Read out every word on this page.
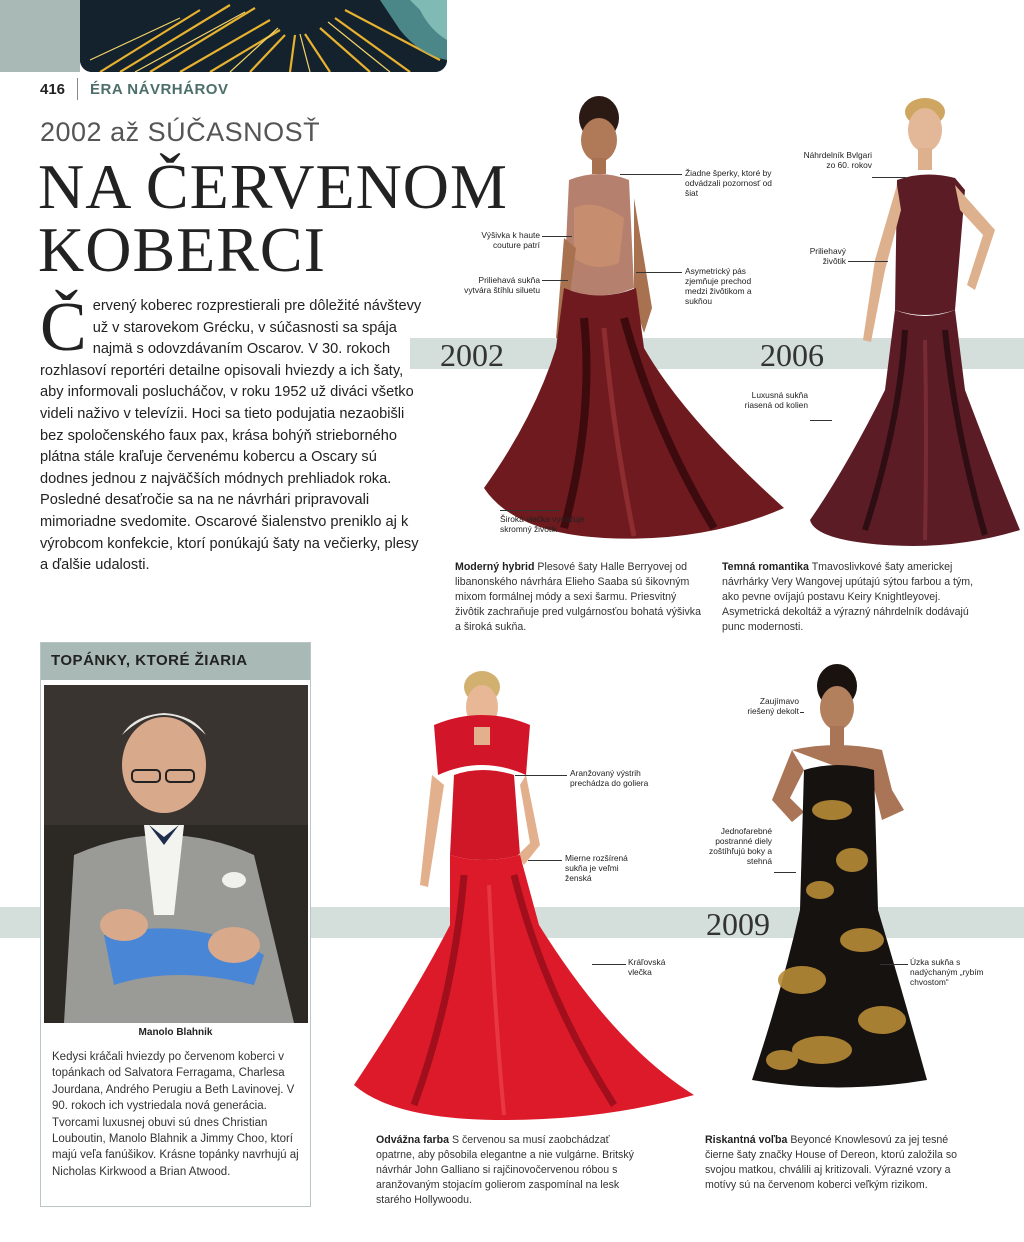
416 ÉRA NÁVRHÁROV
2002 až SÚČASNOSŤ
NA ČERVENOM
KOBERCI
2002	2006
2009
Č ervený koberec rozprestierali pre dôležité návštevy už v starovekom Grécku, v súčasnosti sa spája najmä s odovzdávaním Oscarov. V 30. rokoch rozhlasoví reportéri detailne opisovali hviezdy a ich šaty, aby informovali poslucháčov, v roku 1952 už diváci všetko videli naživo v televízii. Hoci sa tieto podujatia nezaobišli bez spoločenského faux pax, krása bohýň strieborného plátna stále kraľuje červenému kobercu a Oscary sú dodnes jednou z najväčších módnych prehliadok roka. Posledné desaťročie sa na ne návrhári pripravovali mimoriadne svedomite. Oscarové šialenstvo preniklo aj k výrobcom konfekcie, ktorí ponúkajú šaty na večierky, plesy a ďalšie udalosti.
TOPÁNKY, KTORÉ ŽIARIA
Manolo Blahnik
Kedysi kráčali hviezdy po červenom koberci v topánkach od Salvatora Ferragama, Charlesa Jourdana, Andrého Perugiu a Beth Lavinovej. V 90. rokoch ich vystriedala nová generácia. Tvorcami luxusnej obuvi sú dnes Christian Louboutin, Manolo Blahnik a Jimmy Choo, ktorí majú veľa fanúšikov. Krásne topánky navrhujú aj Nicholas Kirkwood a Brian Atwood.
Žiadne šperky, ktoré by odvádzali pozornosť od šiat
Výšivka k haute couture patrí
Asymetrický pás zjemňuje prechod medzi živôtikom a sukňou
Priliehavá sukňa vytvára štíhlu siluetu
Široká vlečka vyvažuje skromný živôtik
Náhrdelník Bvlgari zo 60. rokov
Priliehavý živôtik
Luxusná sukňa riasená od kolien
Aranžovaný výstrih prechádza do goliera
Mierne rozšírená sukňa je veľmi ženská
Kráľovská vlečka
Zaujímavo riešený dekolt
Jednofarebné postranné diely zoštíhľujú boky a stehná
Úzka sukňa s nadýchaným „rybím chvostom“
Moderný hybrid Plesové šaty Halle Berryovej od libanonského návrhára Elieho Saaba sú šikovným mixom formálnej módy a sexi šarmu. Priesvitný živôtik zachraňuje pred vulgárnosťou bohatá výšivka a široká sukňa.
Temná romantika Tmavoslivkové šaty americkej návrhárky Very Wangovej upútajú sýtou farbou a tým, ako pevne ovíjajú postavu Keiry Knightleyovej. Asymetrická dekoltáž a výrazný náhrdelník dodávajú punc modernosti.
Odvážna farba S červenou sa musí zaobchádzať opatrne, aby pôsobila elegantne a nie vulgárne. Britský návrhár John Galliano si rajčinovočervenou róbou s aranžovaným stojacím golierom zaspomínal na lesk starého Hollywoodu.
Riskantná voľba Beyoncé Knowlesovú za jej tesné čierne šaty značky House of Dereon, ktorú založila so svojou matkou, chválili aj kritizovali. Výrazné vzory a motívy sú na červenom koberci veľkým rizikom.
